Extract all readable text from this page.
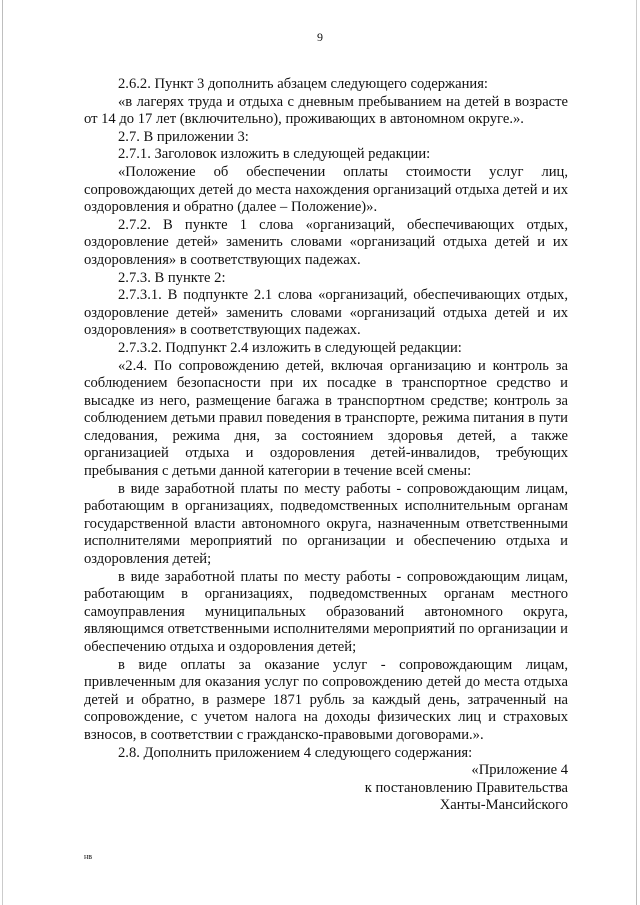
9

2.6.2. Пункт 3 дополнить абзацем следующего содержания:

«в лагерях труда и отдыха с дневным пребыванием на детей в возрасте от 14 до 17 лет (включительно), проживающих в автономном округе.».

2.7. В приложении 3:

2.7.1. Заголовок изложить в следующей редакции:

«Положение об обеспечении оплаты стоимости услуг лиц, сопровождающих детей до места нахождения организаций отдыха детей и их оздоровления и обратно (далее – Положение)».

2.7.2. В пункте 1 слова «организаций, обеспечивающих отдых, оздоровление детей» заменить словами «организаций отдыха детей и их оздоровления» в соответствующих падежах.

2.7.3. В пункте 2:

2.7.3.1. В подпункте 2.1 слова «организаций, обеспечивающих отдых, оздоровление детей» заменить словами «организаций отдыха детей и их оздоровления» в соответствующих падежах.

2.7.3.2. Подпункт 2.4 изложить в следующей редакции:

«2.4. По сопровождению детей, включая организацию и контроль за соблюдением безопасности при их посадке в транспортное средство и высадке из него, размещение багажа в транспортном средстве; контроль за соблюдением детьми правил поведения в транспорте, режима питания в пути следования, режима дня, за состоянием здоровья детей, а также организацией отдыха и оздоровления детей-инвалидов, требующих пребывания с детьми данной категории в течение всей смены:

в виде заработной платы по месту работы - сопровождающим лицам, работающим в организациях, подведомственных исполнительным органам государственной власти автономного округа, назначенным ответственными исполнителями мероприятий по организации и обеспечению отдыха и оздоровления детей;

в виде заработной платы по месту работы - сопровождающим лицам, работающим в организациях, подведомственных органам местного самоуправления муниципальных образований автономного округа, являющимся ответственными исполнителями мероприятий по организации и обеспечению отдыха и оздоровления детей;

в виде оплаты за оказание услуг - сопровождающим лицам, привлеченным для оказания услуг по сопровождению детей до места отдыха детей и обратно, в размере 1871 рубль за каждый день, затраченный на сопровождение, с учетом налога на доходы физических лиц и страховых взносов, в соответствии с гражданско-правовыми договорами.».

2.8. Дополнить приложением 4 следующего содержания:

«Приложение 4

к постановлению Правительства

Ханты-Мансийского

нв
